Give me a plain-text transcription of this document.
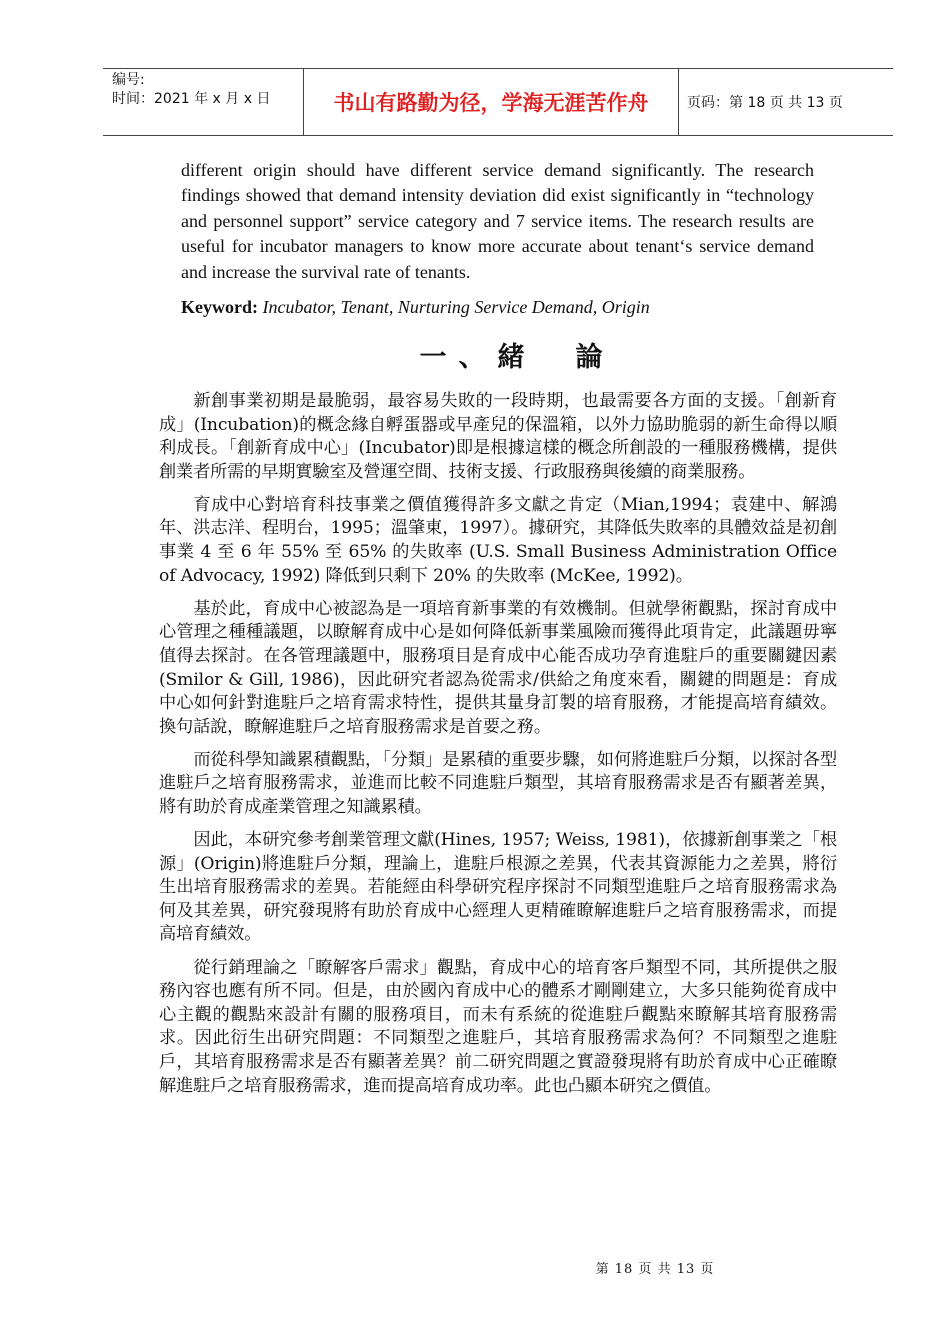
编号:
时间：2021 年 x 月 x 日	书山有路勤为径，学海无涯苦作舟	页码：第 18 页 共 13 页

different origin should have different service demand significantly. The research findings showed that demand intensity deviation did exist significantly in “technology and personnel support” service category and 7 service items. The research results are useful for incubator managers to know more accurate about tenant‘s service demand and increase the survival rate of tenants.

Keyword: Incubator, Tenant, Nurturing Service Demand, Origin

一、緒　論

新創事業初期是最脆弱，最容易失敗的一段時期，也最需要各方面的支援。「創新育成」(Incubation)的概念緣自孵蛋器或早產兒的保溫箱，以外力協助脆弱的新生命得以順利成長。「創新育成中心」(Incubator)即是根據這樣的概念所創設的一種服務機構，提供創業者所需的早期實驗室及營運空間、技術支援、行政服務與後續的商業服務。

育成中心對培育科技事業之價值獲得許多文獻之肯定（Mian,1994；袁建中、解鴻年、洪志洋、程明台，1995；溫肇東，1997）。據研究，其降低失敗率的具體效益是初創事業 4 至 6 年 55% 至 65% 的失敗率 (U.S. Small Business Administration Office of Advocacy, 1992) 降低到只剩下 20% 的失敗率 (McKee, 1992)。

基於此，育成中心被認為是一項培育新事業的有效機制。但就學術觀點，探討育成中心管理之種種議題，以瞭解育成中心是如何降低新事業風險而獲得此項肯定，此議題毋寧值得去探討。在各管理議題中，服務項目是育成中心能否成功孕育進駐戶的重要關鍵因素(Smilor & Gill, 1986)，因此研究者認為從需求/供給之角度來看，關鍵的問題是：育成中心如何針對進駐戶之培育需求特性，提供其量身訂製的培育服務，才能提高培育績效。換句話說，瞭解進駐戶之培育服務需求是首要之務。

而從科學知識累積觀點，「分類」是累積的重要步驟，如何將進駐戶分類，以探討各型進駐戶之培育服務需求，並進而比較不同進駐戶類型，其培育服務需求是否有顯著差異，將有助於育成產業管理之知識累積。

因此，本研究參考創業管理文獻(Hines, 1957; Weiss, 1981)，依據新創事業之「根源」(Origin)將進駐戶分類，理論上，進駐戶根源之差異，代表其資源能力之差異，將衍生出培育服務需求的差異。若能經由科學研究程序探討不同類型進駐戶之培育服務需求為何及其差異，研究發現將有助於育成中心經理人更精確瞭解進駐戶之培育服務需求，而提高培育績效。

從行銷理論之「瞭解客戶需求」觀點，育成中心的培育客戶類型不同，其所提供之服務內容也應有所不同。但是，由於國內育成中心的體系才剛剛建立，大多只能夠從育成中心主觀的觀點來設計有關的服務項目，而未有系統的從進駐戶觀點來瞭解其培育服務需求。因此衍生出研究問題：不同類型之進駐戶，其培育服務需求為何？不同類型之進駐戶，其培育服務需求是否有顯著差異？前二研究問題之實證發現將有助於育成中心正確瞭解進駐戶之培育服務需求，進而提高培育成功率。此也凸顯本研究之價值。

第 18 页 共 13 页
